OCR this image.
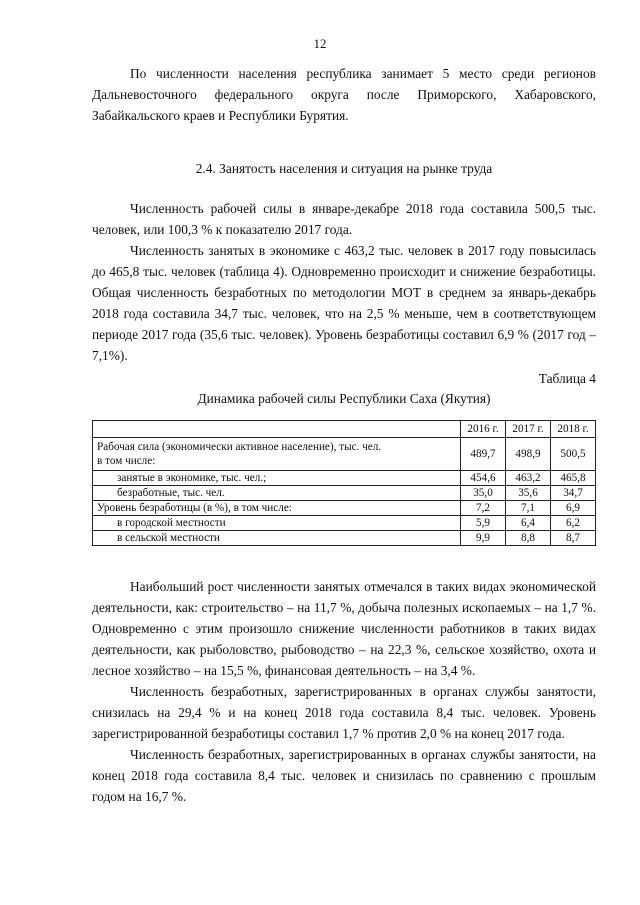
12

По численности населения республика занимает 5 место среди регионов Дальневосточного федерального округа после Приморского, Хабаровского, Забайкальского краев и Республики Бурятия.

2.4. Занятость населения и ситуация на рынке труда

Численность рабочей силы в январе-декабре 2018 года составила 500,5 тыс. человек, или 100,3 % к показателю 2017 года.

Численность занятых в экономике с 463,2 тыс. человек в 2017 году повысилась до 465,8 тыс. человек (таблица 4). Одновременно происходит и снижение безработицы. Общая численность безработных по методологии МОТ в среднем за январь-декабрь 2018 года составила 34,7 тыс. человек, что на 2,5 % меньше, чем в соответствующем периоде 2017 года (35,6 тыс. человек). Уровень безработицы составил 6,9 % (2017 год – 7,1%).

Таблица 4
Динамика рабочей силы Республики Саха (Якутия)
	2016 г.	2017 г.	2018 г.
Рабочая сила (экономически активное население), тыс. чел.
в том числе:	489,7	498,9	500,5
занятые в экономике, тыс. чел.;	454,6	463,2	465,8
безработные, тыс. чел.	35,0	35,6	34,7
Уровень безработицы (в %), в том числе:	7,2	7,1	6,9
в городской местности	5,9	6,4	6,2
в сельской местности	9,9	8,8	8,7

Наибольший рост численности занятых отмечался в таких видах экономической деятельности, как: строительство – на 11,7 %, добыча полезных ископаемых – на 1,7 %. Одновременно с этим произошло снижение численности работников в таких видах деятельности, как рыболовство, рыбоводство – на 22,3 %, сельское хозяйство, охота и лесное хозяйство – на 15,5 %, финансовая деятельность – на 3,4 %.

Численность безработных, зарегистрированных в органах службы занятости, снизилась на 29,4 % и на конец 2018 года составила 8,4 тыс. человек. Уровень зарегистрированной безработицы составил 1,7 % против 2,0 % на конец 2017 года.

Численность безработных, зарегистрированных в органах службы занятости, на конец 2018 года составила 8,4 тыс. человек и снизилась по сравнению с прошлым годом на 16,7 %.
